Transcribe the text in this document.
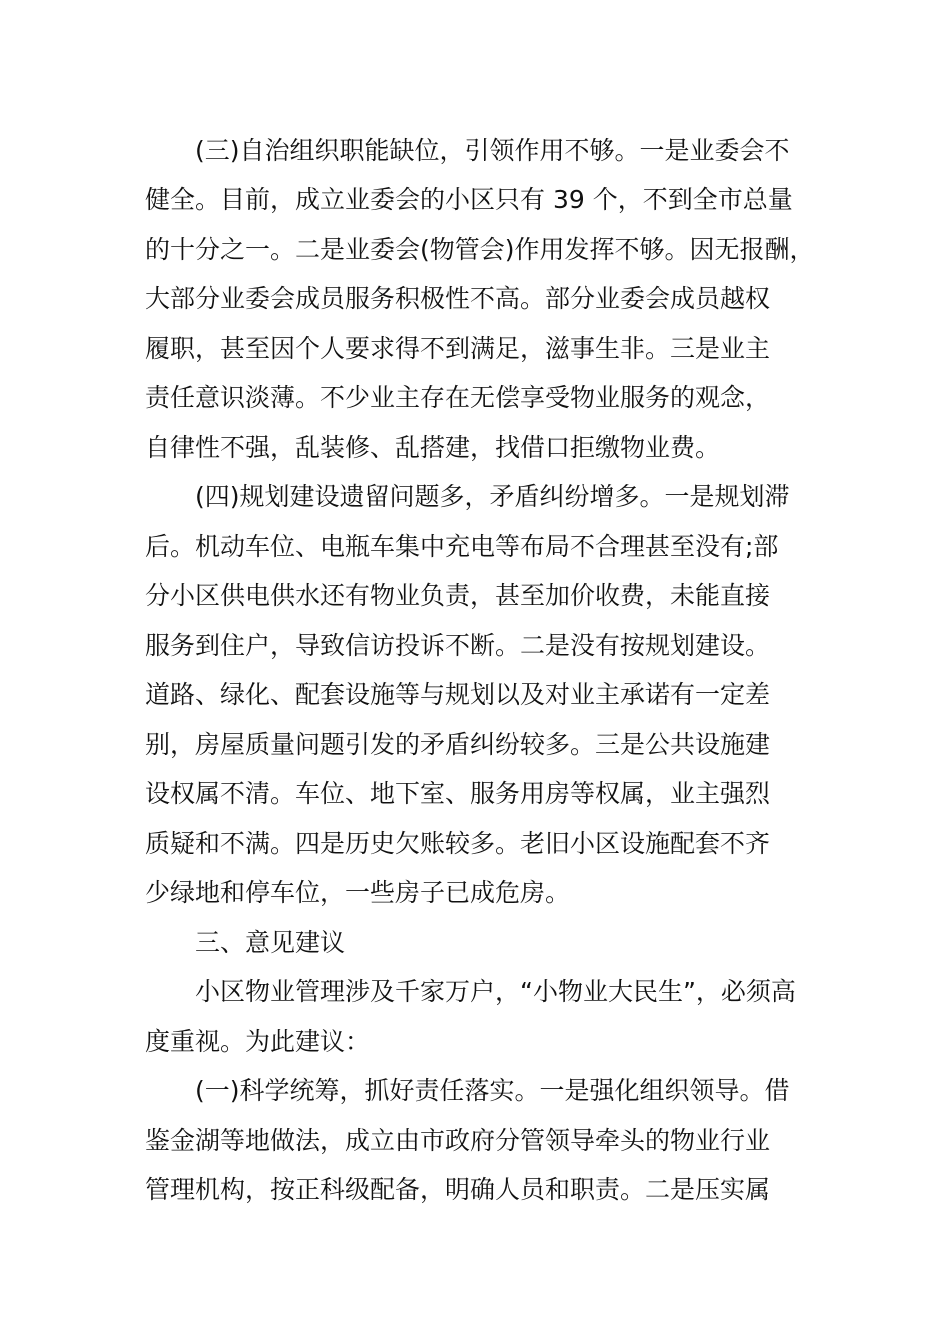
(三)自治组织职能缺位，引领作用不够。一是业委会不
健全。目前，成立业委会的小区只有 39 个，不到全市总量
的十分之一。二是业委会(物管会)作用发挥不够。因无报酬，
大部分业委会成员服务积极性不高。部分业委会成员越权
履职，甚至因个人要求得不到满足，滋事生非。三是业主
责任意识淡薄。不少业主存在无偿享受物业服务的观念，
自律性不强，乱装修、乱搭建，找借口拒缴物业费。
(四)规划建设遗留问题多，矛盾纠纷增多。一是规划滞
后。机动车位、电瓶车集中充电等布局不合理甚至没有;部
分小区供电供水还有物业负责，甚至加价收费，未能直接
服务到住户，导致信访投诉不断。二是没有按规划建设。
道路、绿化、配套设施等与规划以及对业主承诺有一定差
别，房屋质量问题引发的矛盾纠纷较多。三是公共设施建
设权属不清。车位、地下室、服务用房等权属，业主强烈
质疑和不满。四是历史欠账较多。老旧小区设施配套不齐
少绿地和停车位，一些房子已成危房。
三、意见建议
小区物业管理涉及千家万户，“小物业大民生”，必须高
度重视。为此建议：
(一)科学统筹，抓好责任落实。一是强化组织领导。借
鉴金湖等地做法，成立由市政府分管领导牵头的物业行业
管理机构，按正科级配备，明确人员和职责。二是压实属
